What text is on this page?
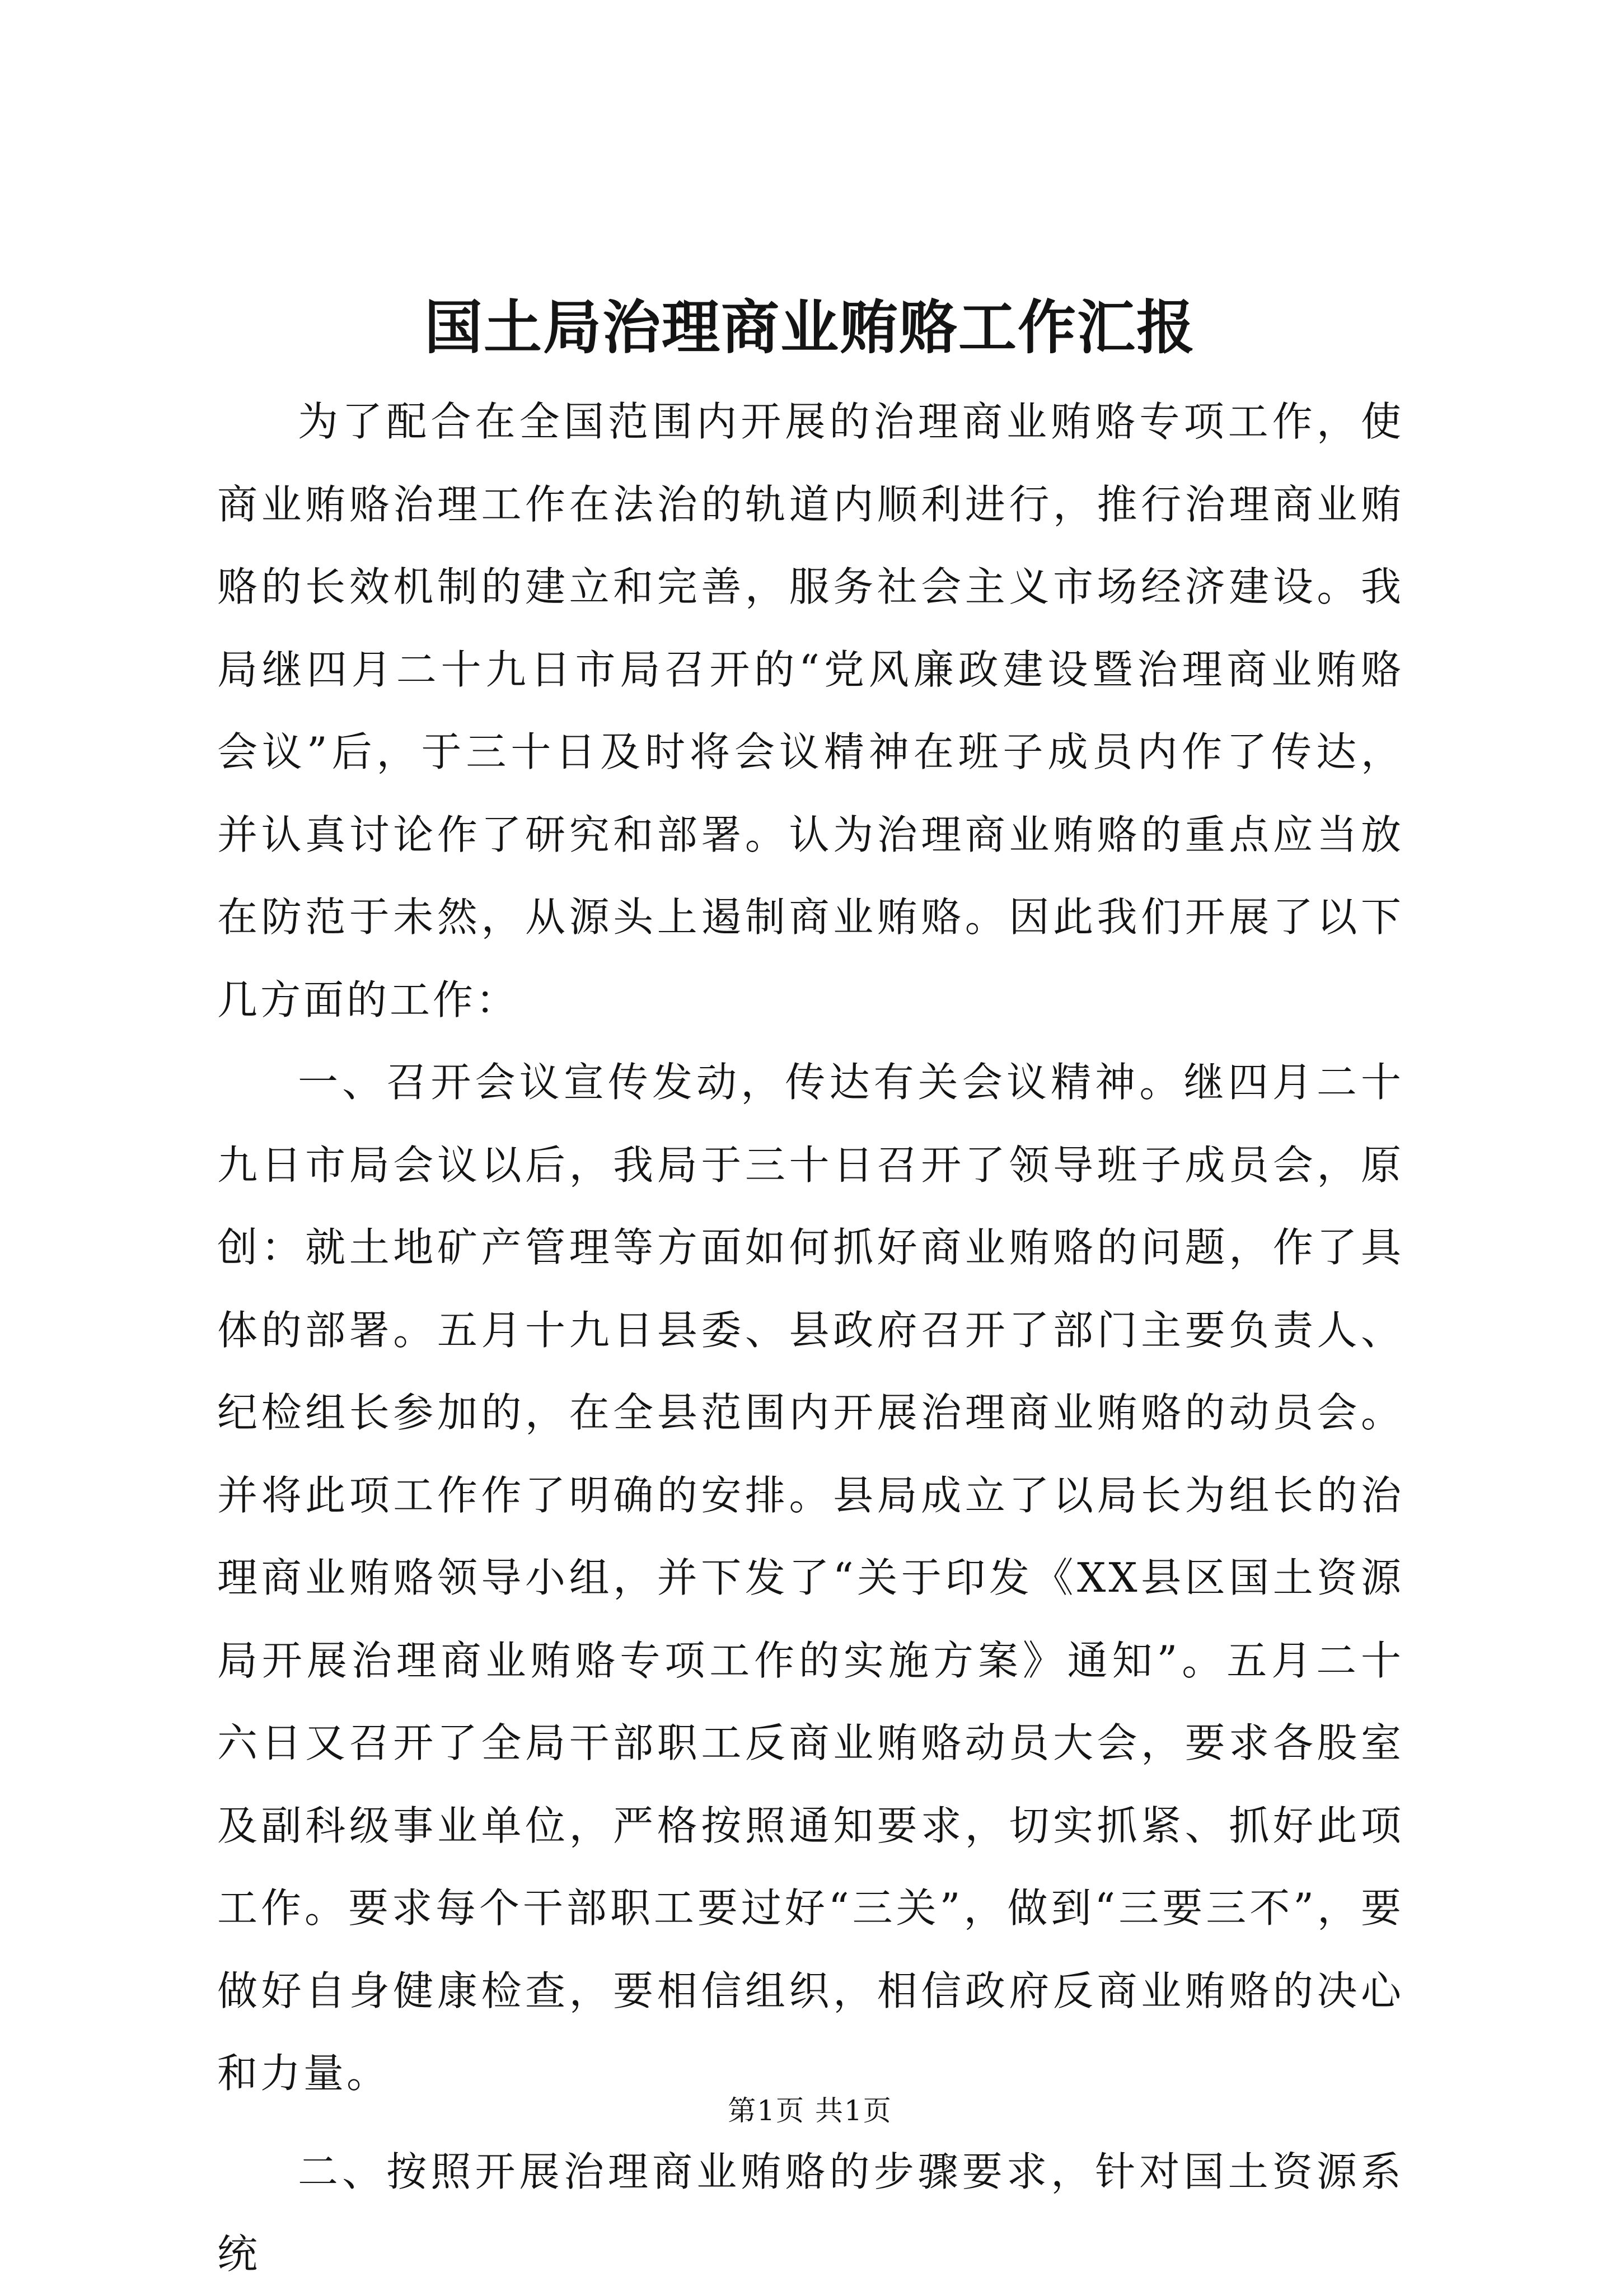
国土局治理商业贿赂工作汇报

为了配合在全国范围内开展的治理商业贿赂专项工作，使商业贿赂治理工作在法治的轨道内顺利进行，推行治理商业贿赂的长效机制的建立和完善，服务社会主义市场经济建设。我局继四月二十九日市局召开的“党风廉政建设暨治理商业贿赂会议”后，于三十日及时将会议精神在班子成员内作了传达，并认真讨论作了研究和部署。认为治理商业贿赂的重点应当放在防范于未然，从源头上遏制商业贿赂。因此我们开展了以下几方面的工作：

一、召开会议宣传发动，传达有关会议精神。继四月二十九日市局会议以后，我局于三十日召开了领导班子成员会，原创：就土地矿产管理等方面如何抓好商业贿赂的问题，作了具体的部署。五月十九日县委、县政府召开了部门主要负责人、纪检组长参加的，在全县范围内开展治理商业贿赂的动员会。并将此项工作作了明确的安排。县局成立了以局长为组长的治理商业贿赂领导小组，并下发了“关于印发《XX县区国土资源局开展治理商业贿赂专项工作的实施方案》通知”。五月二十六日又召开了全局干部职工反商业贿赂动员大会，要求各股室及副科级事业单位，严格按照通知要求，切实抓紧、抓好此项工作。要求每个干部职工要过好“三关”，做到“三要三不”，要做好自身健康检查，要相信组织，相信政府反商业贿赂的决心和力量。

二、按照开展治理商业贿赂的步骤要求，针对国土资源系统

第1页 共1页
